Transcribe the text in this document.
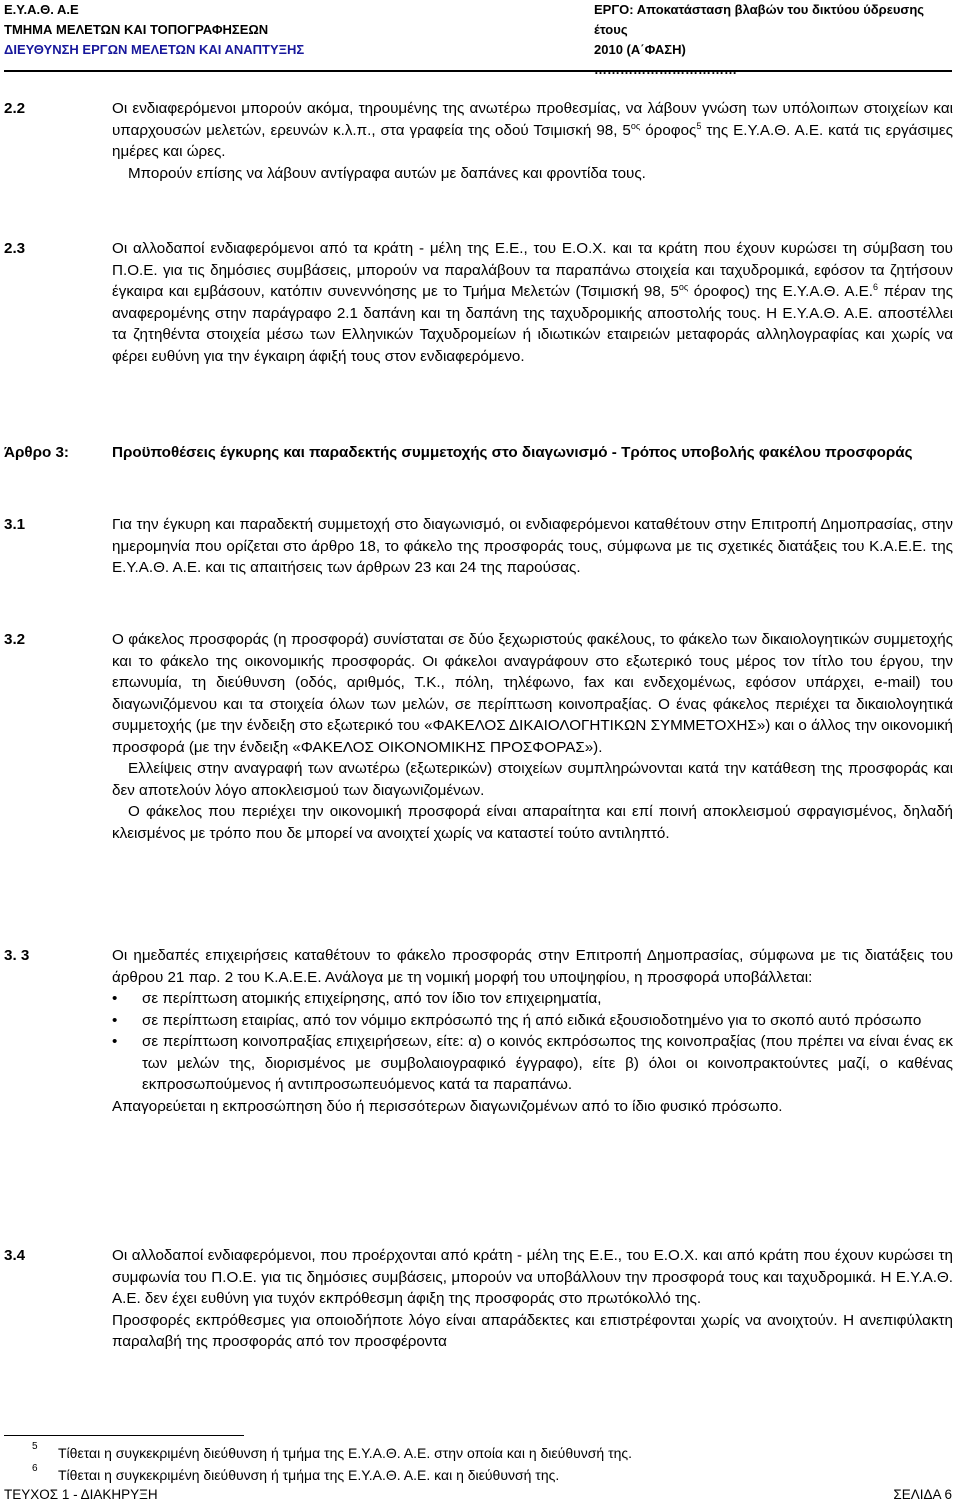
Ε.Υ.Α.Θ. Α.Ε
ΤΜΗΜΑ ΜΕΛΕΤΩΝ ΚΑΙ ΤΟΠΟΓΡΑΦΗΣΕΩΝ
ΔΙΕΥΘΥΝΣΗ ΕΡΓΩΝ ΜΕΛΕΤΩΝ ΚΑΙ ΑΝΑΠΤΥΞΗΣ
ΕΡΓΟ: Αποκατάσταση βλαβών του δικτύου ύδρευσης έτους
2010 (Α΄ΦΑΣΗ)
……………………………
2.2	Οι ενδιαφερόμενοι μπορούν ακόμα, τηρουμένης της ανωτέρω προθεσμίας, να λάβουν γνώση των υπόλοιπων στοιχείων και υπαρχουσών μελετών, ερευνών κ.λ.π., στα γραφεία της οδού Τσιμισκή 98, $5^{o\varsigma}$ όροφος$^5$ της Ε.Υ.Α.Θ. Α.Ε. κατά τις εργάσιμες ημέρες και ώρες.

Μπορούν επίσης να λάβουν αντίγραφα αυτών με δαπάνες και φροντίδα τους.

2.3	Οι αλλοδαποί ενδιαφερόμενοι από τα κράτη - μέλη της Ε.Ε., του Ε.Ο.Χ. και τα κράτη που έχουν κυρώσει τη σύμβαση του Π.Ο.Ε. για τις δημόσιες συμβάσεις, μπορούν να παραλάβουν τα παραπάνω στοιχεία και ταχυδρομικά, εφόσον τα ζητήσουν έγκαιρα και εμβάσουν, κατόπιν συνεννόησης με το Τμήμα Μελετών (Τσιμισκή 98, $5^{o\varsigma}$ όροφος) της Ε.Υ.Α.Θ. Α.Ε.$^6$ πέραν της αναφερομένης στην παράγραφο 2.1 δαπάνη και τη δαπάνη της ταχυδρομικής αποστολής τους. Η Ε.Υ.Α.Θ. Α.Ε. αποστέλλει τα ζητηθέντα στοιχεία μέσω των Ελληνικών Ταχυδρομείων ή ιδιωτικών εταιρειών μεταφοράς αλληλογραφίας και χωρίς να φέρει ευθύνη για την έγκαιρη άφιξή τους στον ενδιαφερόμενο.

Άρθρο 3:	Προϋποθέσεις έγκυρης και παραδεκτής συμμετοχής στο διαγωνισμό - Τρόπος υποβολής φακέλου προσφοράς
3.1	Για την έγκυρη και παραδεκτή συμμετοχή στο διαγωνισμό, οι ενδιαφερόμενοι καταθέτουν στην Επιτροπή Δημοπρασίας, στην ημερομηνία που ορίζεται στο άρθρο 18, το φάκελο της προσφοράς τους, σύμφωνα με τις σχετικές διατάξεις του Κ.Α.Ε.Ε. της Ε.Υ.Α.Θ. Α.Ε. και τις απαιτήσεις των άρθρων 23 και 24 της παρούσας.
3.2	Ο φάκελος προσφοράς (η προσφορά) συνίσταται σε δύο ξεχωριστούς φακέλους, το φάκελο των δικαιολογητικών συμμετοχής και το φάκελο της οικονομικής προσφοράς. Οι φάκελοι αναγράφουν στο εξωτερικό τους μέρος τον τίτλο του έργου, την επωνυμία, τη διεύθυνση (οδός, αριθμός, Τ.Κ., πόλη, τηλέφωνο, fax και ενδεχομένως, εφόσον υπάρχει, e-mail) του διαγωνιζόμενου και τα στοιχεία όλων των μελών, σε περίπτωση κοινοπραξίας. Ο ένας φάκελος περιέχει τα δικαιολογητικά συμμετοχής (με την ένδειξη στο εξωτερικό του «ΦΑΚΕΛΟΣ ΔΙΚΑΙΟΛΟΓΗΤΙΚΩΝ ΣΥΜΜΕΤΟΧΗΣ») και ο άλλος την οικονομική προσφορά (με την ένδειξη «ΦΑΚΕΛΟΣ ΟΙΚΟΝΟΜΙΚΗΣ ΠΡΟΣΦΟΡΑΣ»).

Ελλείψεις στην αναγραφή των ανωτέρω (εξωτερικών) στοιχείων συμπληρώνονται κατά την κατάθεση της προσφοράς και δεν αποτελούν λόγο αποκλεισμού των διαγωνιζομένων.

Ο φάκελος που περιέχει την οικονομική προσφορά είναι απαραίτητα και επί ποινή αποκλεισμού σφραγισμένος, δηλαδή κλεισμένος με τρόπο που δε μπορεί να ανοιχτεί χωρίς να καταστεί τούτο αντιληπτό.

3. 3	Οι ημεδαπές επιχειρήσεις καταθέτουν το φάκελο προσφοράς στην Επιτροπή Δημοπρασίας, σύμφωνα με τις διατάξεις του άρθρου 21 παρ. 2 του Κ.Α.Ε.Ε. Ανάλογα με τη νομική μορφή του υποψηφίου, η προσφορά υποβάλλεται:

• σε περίπτωση ατομικής επιχείρησης, από τον ίδιο τον επιχειρηματία,
• σε περίπτωση εταιρίας, από τον νόμιμο εκπρόσωπό της ή από ειδικά εξουσιοδοτημένο για το σκοπό αυτό πρόσωπο
• σε περίπτωση κοινοπραξίας επιχειρήσεων, είτε: α) ο κοινός εκπρόσωπος της κοινοπραξίας (που πρέπει να είναι ένας εκ των μελών της, διορισμένος με συμβολαιογραφικό έγγραφο), είτε β) όλοι οι κοινοπρακτούντες μαζί, ο καθένας εκπροσωπούμενος ή αντιπροσωπευόμενος κατά τα παραπάνω.

Απαγορεύεται η εκπροσώπηση δύο ή περισσότερων διαγωνιζομένων από το ίδιο φυσικό πρόσωπο.

3.4	Οι αλλοδαποί ενδιαφερόμενοι, που προέρχονται από κράτη - μέλη της Ε.Ε., του Ε.Ο.Χ. και από κράτη που έχουν κυρώσει τη συμφωνία του Π.Ο.Ε. για τις δημόσιες συμβάσεις, μπορούν να υποβάλλουν την προσφορά τους και ταχυδρομικά. Η Ε.Υ.Α.Θ. Α.Ε. δεν έχει ευθύνη για τυχόν εκπρόθεσμη άφιξη της προσφοράς στο πρωτόκολλό της.

Προσφορές εκπρόθεσμες για οποιοδήποτε λόγο είναι απαράδεκτες και επιστρέφονται χωρίς να ανοιχτούν. Η ανεπιφύλακτη παραλαβή της προσφοράς από τον προσφέροντα

5 Τίθεται η συγκεκριμένη διεύθυνση ή τμήμα της Ε.Υ.Α.Θ. Α.Ε. στην οποία και η διεύθυνσή της.
6 Τίθεται η συγκεκριμένη διεύθυνση ή τμήμα της Ε.Υ.Α.Θ. Α.Ε. και η διεύθυνσή της.
ΤΕΥΧΟΣ 1 - ΔΙΑΚΗΡΥΞΗ	ΣΕΛΙΔΑ 6
